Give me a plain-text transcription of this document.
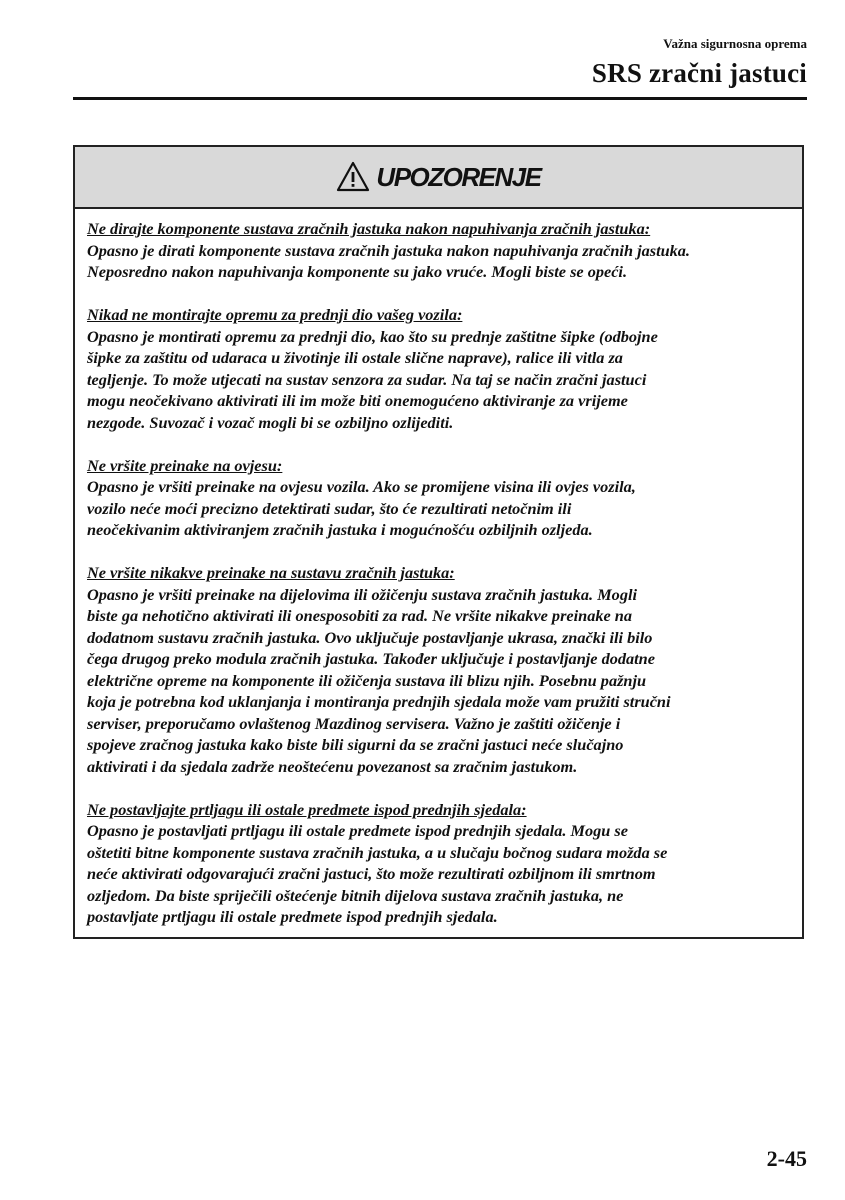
Važna sigurnosna oprema
SRS zračni jastuci
UPOZORENJE

Ne dirajte komponente sustava zračnih jastuka nakon napuhivanja zračnih jastuka:

Opasno je dirati komponente sustava zračnih jastuka nakon napuhivanja zračnih jastuka.

Neposredno nakon napuhivanja komponente su jako vruće. Mogli biste se opeći.

Nikad ne montirajte opremu za prednji dio vašeg vozila:

Opasno je montirati opremu za prednji dio, kao što su prednje zaštitne šipke (odbojne

šipke za zaštitu od udaraca u životinje ili ostale slične naprave), ralice ili vitla za

tegljenje. To može utjecati na sustav senzora za sudar. Na taj se način zračni jastuci

mogu neočekivano aktivirati ili im može biti onemogućeno aktiviranje za vrijeme

nezgode. Suvozač i vozač mogli bi se ozbiljno ozlijediti.

Ne vršite preinake na ovjesu:

Opasno je vršiti preinake na ovjesu vozila. Ako se promijene visina ili ovjes vozila,

vozilo neće moći precizno detektirati sudar, što će rezultirati netočnim ili

neočekivanim aktiviranjem zračnih jastuka i mogućnošću ozbiljnih ozljeda.

Ne vršite nikakve preinake na sustavu zračnih jastuka:

Opasno je vršiti preinake na dijelovima ili ožičenju sustava zračnih jastuka. Mogli

biste ga nehotično aktivirati ili onesposobiti za rad. Ne vršite nikakve preinake na

dodatnom sustavu zračnih jastuka. Ovo uključuje postavljanje ukrasa, znački ili bilo

čega drugog preko modula zračnih jastuka. Također uključuje i postavljanje dodatne

električne opreme na komponente ili ožičenja sustava ili blizu njih. Posebnu pažnju

koja je potrebna kod uklanjanja i montiranja prednjih sjedala može vam pružiti stručni

serviser, preporučamo ovlaštenog Mazdinog servisera. Važno je zaštiti ožičenje i

spojeve zračnog jastuka kako biste bili sigurni da se zračni jastuci neće slučajno

aktivirati i da sjedala zadrže neoštećenu povezanost sa zračnim jastukom.

Ne postavljajte prtljagu ili ostale predmete ispod prednjih sjedala:

Opasno je postavljati prtljagu ili ostale predmete ispod prednjih sjedala. Mogu se

oštetiti bitne komponente sustava zračnih jastuka, a u slučaju bočnog sudara možda se

neće aktivirati odgovarajući zračni jastuci, što može rezultirati ozbiljnom ili smrtnom

ozljedom. Da biste spriječili oštećenje bitnih dijelova sustava zračnih jastuka, ne

postavljate prtljagu ili ostale predmete ispod prednjih sjedala.

2-45
